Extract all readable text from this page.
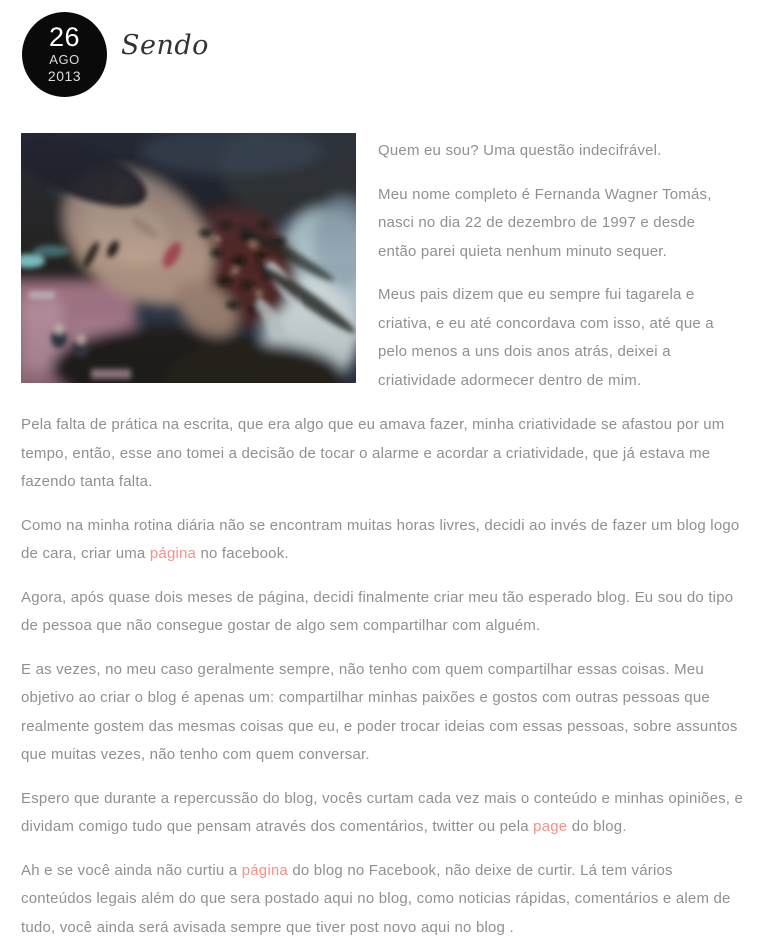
26
AGO
2013
Sendo

Quem eu sou? Uma questão indecifrável.

Meu nome completo é Fernanda Wagner Tomás, nasci no dia 22 de dezembro de 1997 e desde então parei quieta nenhum minuto sequer.

Meus pais dizem que eu sempre fui tagarela e criativa, e eu até concordava com isso, até que a pelo menos a uns dois anos atrás, deixei a criatividade adormecer dentro de mim.

Pela falta de prática na escrita, que era algo que eu amava fazer, minha criatividade se afastou por um tempo, então, esse ano tomei a decisão de tocar o alarme e acordar a criatividade, que já estava me fazendo tanta falta.

Como na minha rotina diária não se encontram muitas horas livres, decidi ao invés de fazer um blog logo de cara, criar uma página no facebook.

Agora, após quase dois meses de página, decidi finalmente criar meu tão esperado blog. Eu sou do tipo de pessoa que não consegue gostar de algo sem compartilhar com alguém.

E as vezes, no meu caso geralmente sempre, não tenho com quem compartilhar essas coisas. Meu objetivo ao criar o blog é apenas um: compartilhar minhas paixões e gostos com outras pessoas que realmente gostem das mesmas coisas que eu, e poder trocar ideias com essas pessoas, sobre assuntos que muitas vezes, não tenho com quem conversar.

Espero que durante a repercussão do blog, vocês curtam cada vez mais o conteúdo e minhas opiniões, e dividam comigo tudo que pensam através dos comentários, twitter ou pela page do blog.

Ah e se você ainda não curtiu a página do blog no Facebook, não deixe de curtir. Lá tem vários conteúdos legais além do que sera postado aqui no blog, como noticias rápidas, comentários e alem de tudo, você ainda será avisada sempre que tiver post novo aqui no blog .
